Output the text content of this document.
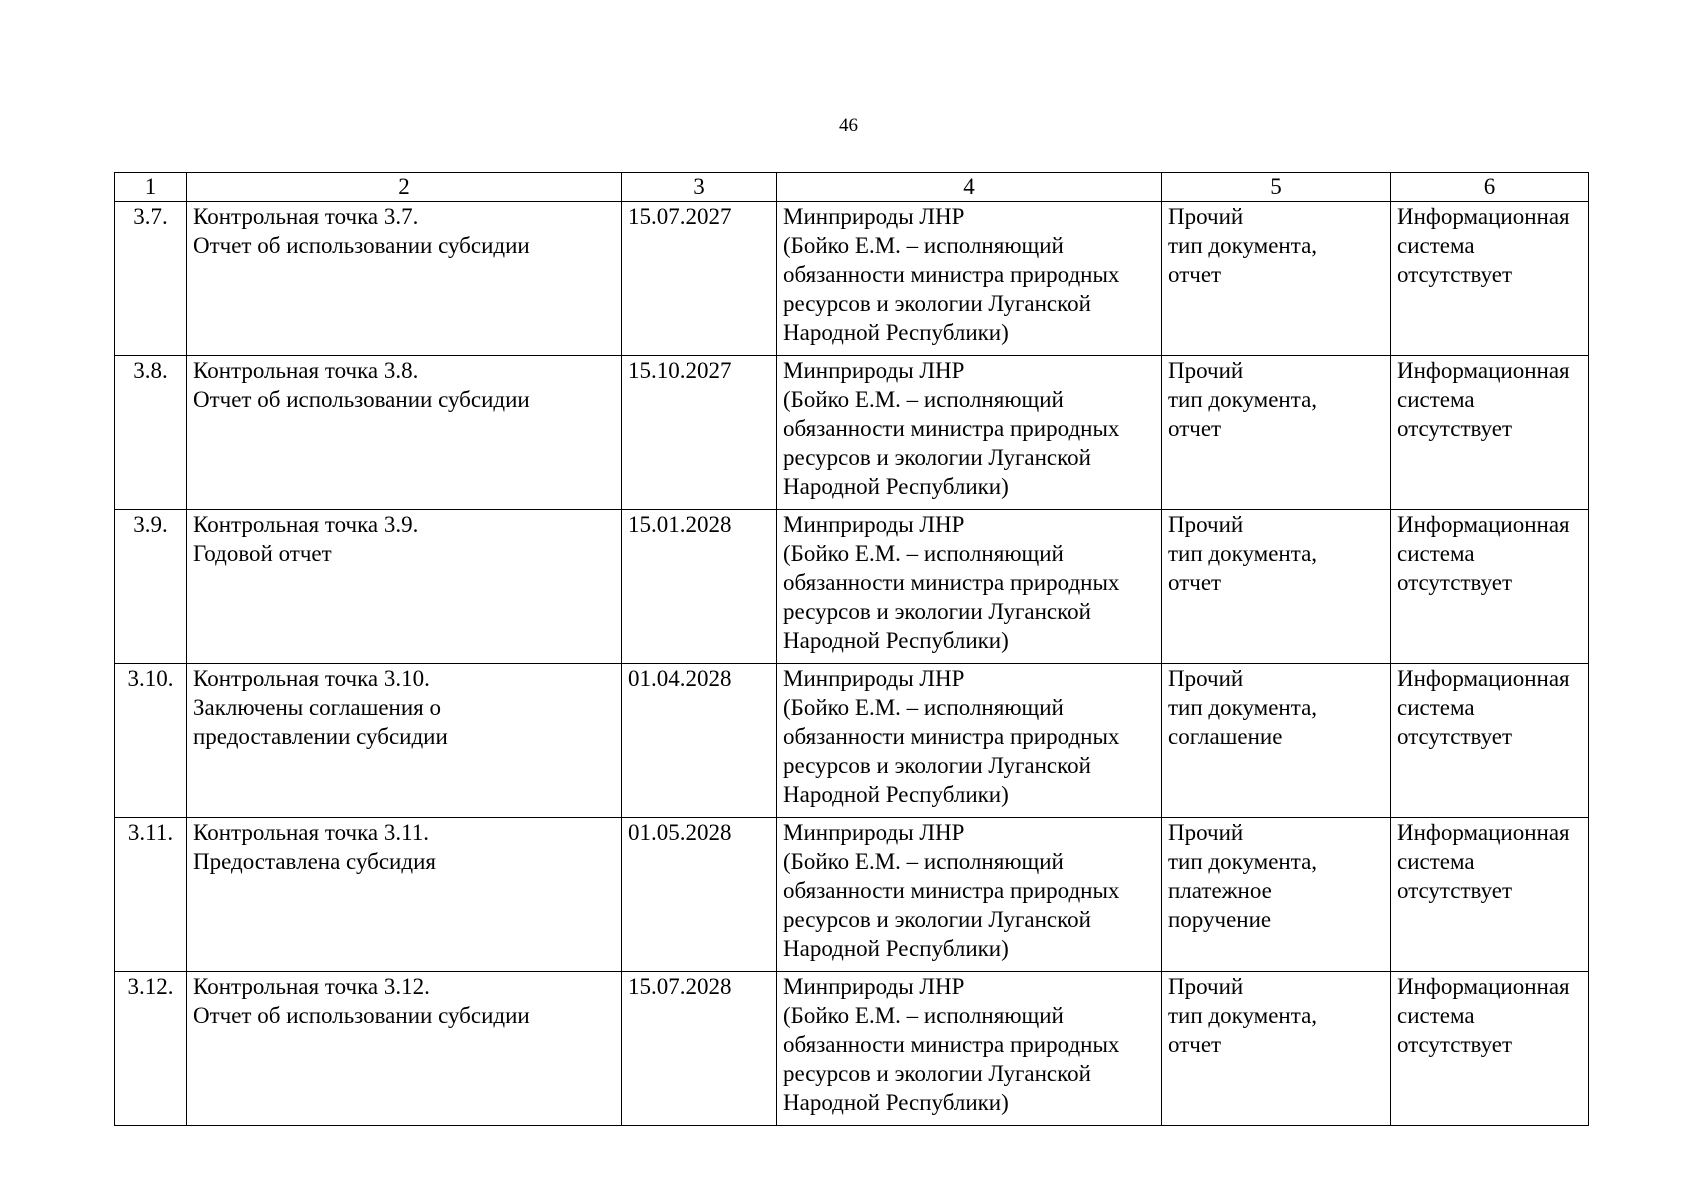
46
1	2	3	4	5	6

3.7.	Контрольная точка 3.7.
Отчет об использовании субсидии	15.07.2027	Минприроды ЛНР
(Бойко Е.М. – исполняющий
обязанности министра природных
ресурсов и экологии Луганской
Народной Республики)	Прочий
тип документа,
отчет	Информационная
система
отсутствует

3.8.	Контрольная точка 3.8.
Отчет об использовании субсидии	15.10.2027	Минприроды ЛНР
(Бойко Е.М. – исполняющий
обязанности министра природных
ресурсов и экологии Луганской
Народной Республики)	Прочий
тип документа,
отчет	Информационная
система
отсутствует

3.9.	Контрольная точка 3.9.
Годовой отчет	15.01.2028	Минприроды ЛНР
(Бойко Е.М. – исполняющий
обязанности министра природных
ресурсов и экологии Луганской
Народной Республики)	Прочий
тип документа,
отчет	Информационная
система
отсутствует

3.10.	Контрольная точка 3.10.
Заключены соглашения о
предоставлении субсидии	01.04.2028	Минприроды ЛНР
(Бойко Е.М. – исполняющий
обязанности министра природных
ресурсов и экологии Луганской
Народной Республики)	Прочий
тип документа,
соглашение	Информационная
система
отсутствует

3.11.	Контрольная точка 3.11.
Предоставлена субсидия	01.05.2028	Минприроды ЛНР
(Бойко Е.М. – исполняющий
обязанности министра природных
ресурсов и экологии Луганской
Народной Республики)	Прочий
тип документа,
платежное
поручение	Информационная
система
отсутствует

3.12.	Контрольная точка 3.12.
Отчет об использовании субсидии	15.07.2028	Минприроды ЛНР
(Бойко Е.М. – исполняющий
обязанности министра природных
ресурсов и экологии Луганской
Народной Республики)	Прочий
тип документа,
отчет	Информационная
система
отсутствует
